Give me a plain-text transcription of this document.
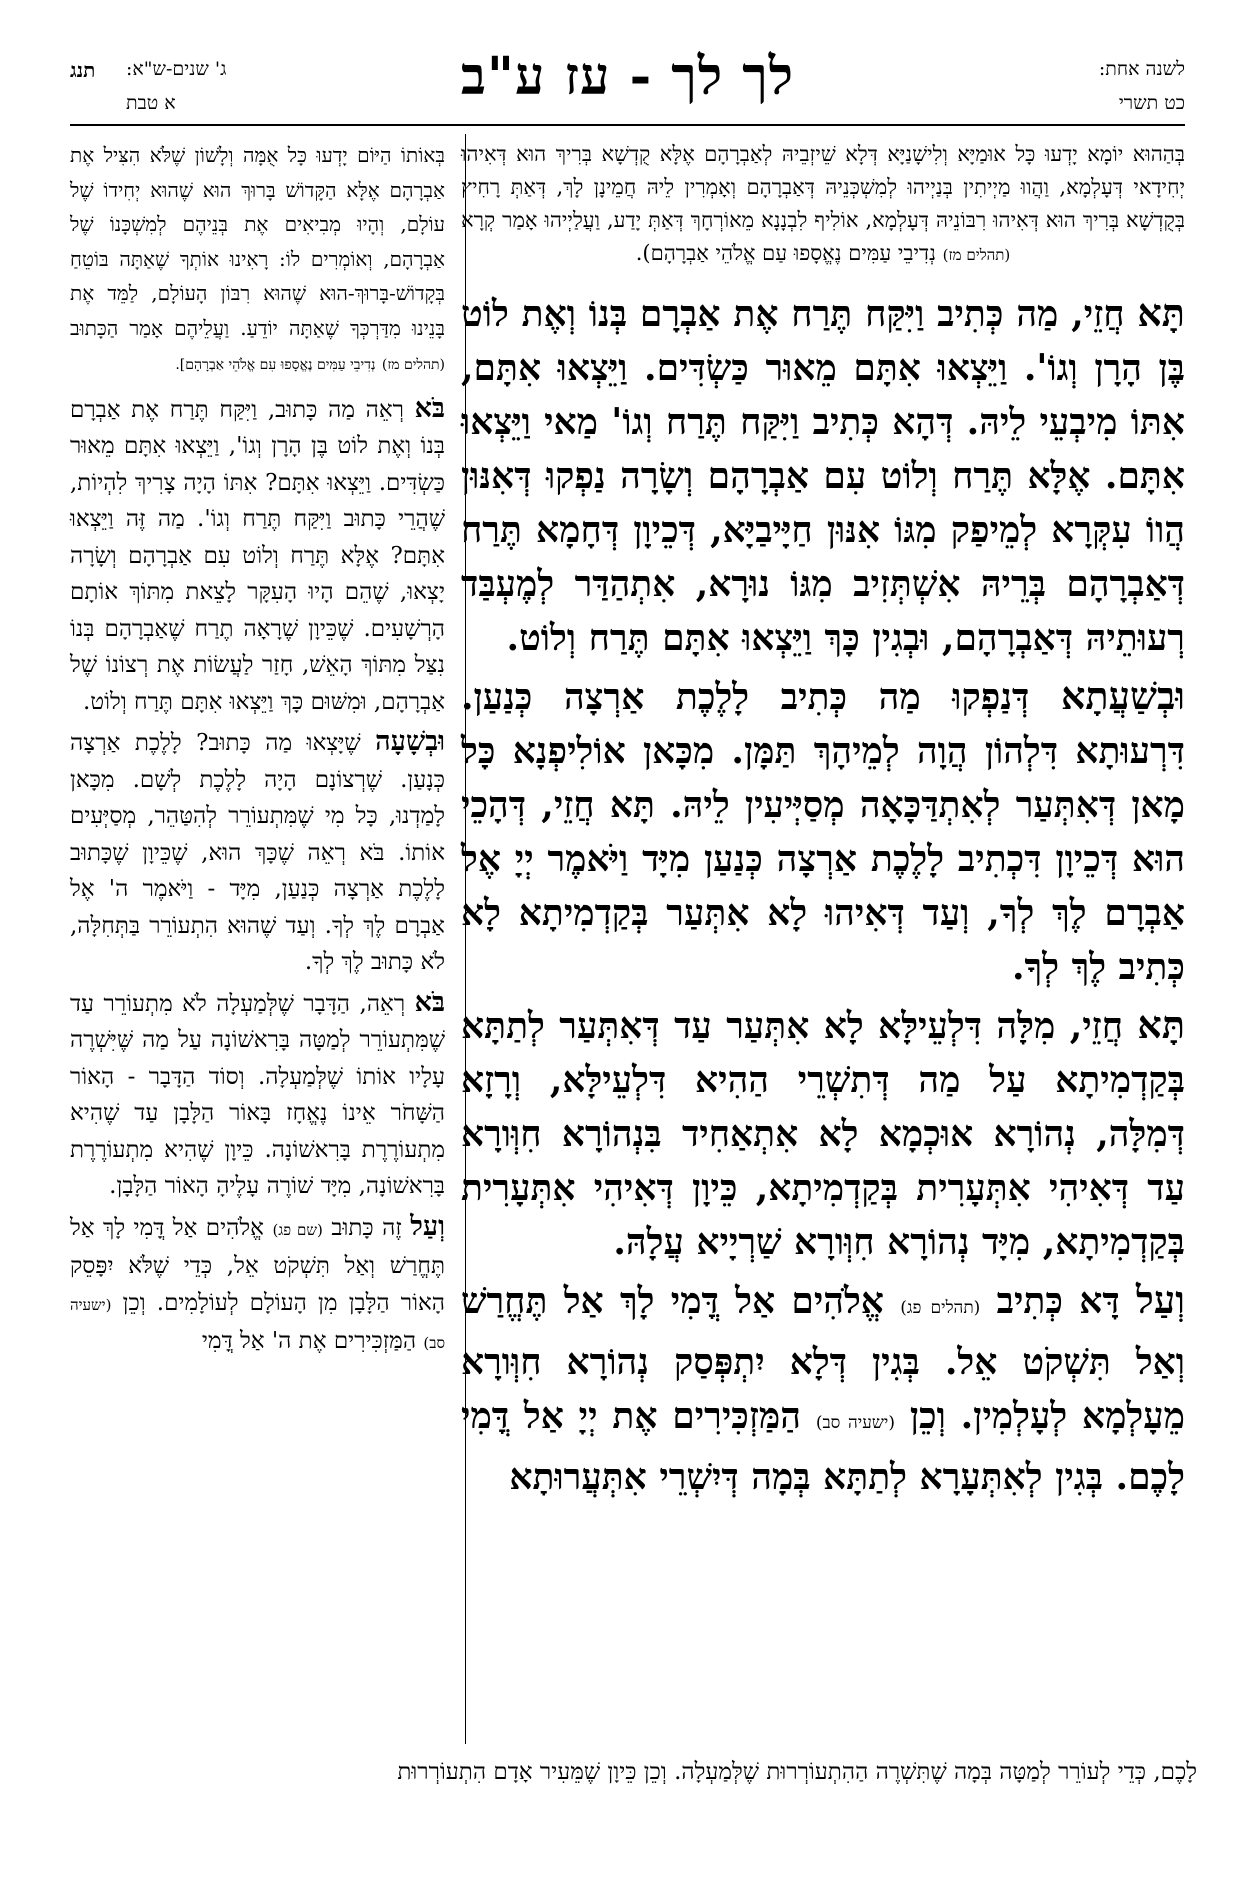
לשנה אחת:
כט תשרי
לך לך - עז ע"ב
ג' שנים-ש"א:
א טבת
תנג

בְּהַהוּא יוֹמָא יָדְעוּ כָּל אוּמַיָּא וְלִישָׁנַיָּא דְּלָא שֵׁיזְבֵיהּ לְאַבְרָהָם אֶלָּא קֻדְשָׁא בְּרִיךְ הוּא דְּאִיהוּ יְחִידָאי דְּעָלְמָא, וַהֲווּ מַיְיתִין בְּנַיְיהוּ לְמִשְׁכְּנֵיהּ דְּאַבְרָהָם וְאָמְרִין לֵיהּ חֲמֵינָן לָךְ, דְּאַתְּ רָחִיץ בְּקֻדְשָׁא בְּרִיךְ הוּא דְּאִיהוּ רִבּוֹנֵיהּ דְּעָלְמָא, אוֹלִיף לִבְנָנָא מֵאוֹרְחָךְ דְּאַתְּ יָדַע, וַעֲלַיְיהוּ אָמַר קְרָא (תהלים מז) נְדִיבֵי עַמִּים נֶאֱסָפוּ עַם אֱלֹהֵי אַבְרָהָם).

תָּא חֲזֵי, מַה כְּתִיב וַיִּקַּח תֶּרַח אֶת אַבְרָם בְּנוֹ וְאֶת לוֹט בֶּן הָרָן וְגוֹ'. וַיֵּצְאוּ אִתָּם מֵאוּר כַּשְׂדִּים. וַיֵּצְאוּ אִתָּם, אִתּוֹ מִיבְעֵי לֵיהּ. דְּהָא כְּתִיב וַיִּקַּח תֶּרַח וְגוֹ' מַאי וַיֵּצְאוּ אִתָּם. אֶלָּא תֶּרַח וְלוֹט עִם אַבְרָהָם וְשָׂרָה נַפְקוּ דְּאִנּוּן הֲווֹ עִקְּרָא לְמֵיפַק מִגּוֹ אִנּוּן חַיָּיבַיָּא, דְּכֵיוָן דְּחָמָא תֶּרַח דְּאַבְרָהָם בְּרֵיהּ אִשְׁתְּזִיב מִגּוֹ נוּרָא, אִתְהַדַּר לְמֶעְבַּד רְעוּתֵיהּ דְּאַבְרָהָם, וּבְגִין כָּךְ וַיֵּצְאוּ אִתָּם תֶּרַח וְלוֹט.

וּבְשַׁעֲתָא דְּנַפְקוּ מַה כְּתִיב לָלֶכֶת אַרְצָה כְּנַעַן. דִּרְעוּתָא דִּלְהוֹן הֲוָה לְמֵיהָךְ תַּמָּן. מִכָּאן אוֹלִיפְנָא כָּל מָאן דְּאִתְּעַר לְאִתְדַּכָּאָה מְסַיְּיעִין לֵיהּ. תָּא חֲזֵי, דְּהָכֵי הוּא דְּכֵיוָן דִּכְתִיב לָלֶכֶת אַרְצָה כְּנַעַן מִיָּד וַיֹּאמֶר יְיָ אֶל אַבְרָם לֶךְ לְךָ, וְעַד דְּאִיהוּ לָא אִתְּעַר בְּקַדְמִיתָא לָא כְּתִיב לֶךְ לְךָ.

תָּא חֲזֵי, מִלָּה דִּלְעֵילָּא לָא אִתְּעַר עַד דְּאִתְּעַר לְתַתָּא בְּקַדְמִיתָא עַל מַה דְּתִשְׁרֵי הַהִיא דִּלְעֵילָּא, וְרָזָא דְּמִלָּה, נְהוֹרָא אוּכְמָא לָא אִתְאַחִיד בִּנְהוֹרָא חִוְּורָא עַד דְּאִיהִי אִתְּעָרִית בְּקַדְמִיתָא, כֵּיוָן דְּאִיהִי אִתְּעָרִית בְּקַדְמִיתָא, מִיָּד נְהוֹרָא חִוְּורָא שַׁרְיָיא עֲלָהּ.

וְעַל דָּא כְּתִיב (תהלים פג) אֱלֹהִים אַל דֳּמִי לָךְ אַל תֶּחֱרַשׁ וְאַל תִּשְׁקֹט אֵל. בְּגִין דְּלָא יִתְפְּסַק נְהוֹרָא חִוְּורָא מֵעָלְמָא לְעָלְמִין. וְכֵן (ישעיה סב) הַמַּזְכִּירִים אֶת יְיָ אַל דֳּמִי לָכֶם. בְּגִין לְאִתְּעָרָא לְתַתָּא בְּמָה דְּיִשְׁרֵי אִתְּעֲרוּתָא

בְּאוֹתוֹ הַיּוֹם יָדְעוּ כָּל אֻמָּה וְלָשׁוֹן שֶׁלֹּא הִצִּיל אֶת אַבְרָהָם אֶלָּא הַקָּדוֹשׁ בָּרוּךְ הוּא שֶׁהוּא יְחִידוֹ שֶׁל עוֹלָם, וְהָיוּ מְבִיאִים אֶת בְּנֵיהֶם לְמִשְׁכָּנוֹ שֶׁל אַבְרָהָם, וְאוֹמְרִים לוֹ: רָאִינוּ אוֹתְךָ שֶׁאַתָּה בּוֹטֵחַ בְּקָדוֹשׁ-בָּרוּךְ-הוּא שֶׁהוּא רִבּוֹן הָעוֹלָם, לַמֵּד אֶת בָּנֵינוּ מִדַּרְכְּךָ שֶׁאַתָּה יוֹדֵעַ. וַעֲלֵיהֶם אָמַר הַכָּתוּב (תהלים מז) נְדִיבֵי עַמִּים נֶאֱסָפוּ עִם אֱלֹהֵי אַבְרָהָם].

בֹּא רְאֵה מַה כָּתוּב, וַיִּקַּח תֶּרַח אֶת אַבְרָם בְּנוֹ וְאֶת לוֹט בֶּן הָרָן וְגוֹ', וַיֵּצְאוּ אִתָּם מֵאוּר כַּשְׂדִּים. וַיֵּצְאוּ אִתָּם? אִתּוֹ הָיָה צָרִיךְ לִהְיוֹת, שֶׁהֲרֵי כָּתוּב וַיִּקַּח תֶּרַח וְגוֹ'. מַה זֶּה וַיֵּצְאוּ אִתָּם? אֶלָּא תֶּרַח וְלוֹט עִם אַבְרָהָם וְשָׂרָה יָצְאוּ, שֶׁהֵם הָיוּ הָעִקָּר לָצֵאת מִתּוֹךְ אוֹתָם הָרְשָׁעִים. שֶׁכֵּיוָן שֶׁרָאָה תֶרַח שֶׁאַבְרָהָם בְּנוֹ נִצַּל מִתּוֹךְ הָאֵשׁ, חָזַר לַעֲשׂוֹת אֶת רְצוֹנוֹ שֶׁל אַבְרָהָם, וּמִשּׁוּם כָּךְ וַיֵּצְאוּ אִתָּם תֶּרַח וְלוֹט.

וּבְשָׁעָה שֶׁיָּצְאוּ מַה כָּתוּב? לָלֶכֶת אַרְצָה כְּנָעַן. שֶׁרְצוֹנָם הָיָה לָלֶכֶת לְשָׁם. מִכָּאן לָמַדְנוּ, כָּל מִי שֶׁמִּתְעוֹרֵר לְהִטַּהֵר, מְסַיְּעִים אוֹתוֹ. בֹּא רְאֵה שֶׁכָּךְ הוּא, שֶׁכֵּיוָן שֶׁכָּתוּב לָלֶכֶת אַרְצָה כְּנַעַן, מִיָּד - וַיֹּאמֶר ה' אֶל אַבְרָם לֶךְ לְךָ. וְעַד שֶׁהוּא הִתְעוֹרֵר בַּתְּחִלָּה, לֹא כָּתוּב לֶךְ לְךָ.

בֹּא רְאֵה, הַדָּבָר שֶׁלְּמַעְלָה לֹא מִתְעוֹרֵר עַד שֶׁמִּתְעוֹרֵר לְמַטָּה בָּרִאשׁוֹנָה עַל מַה שֶּׁיִּשְׁרֶה עָלָיו אוֹתוֹ שֶׁלְּמַעְלָה. וְסוֹד הַדָּבָר - הָאוֹר הַשָּׁחֹר אֵינוֹ נֶאֱחָז בָּאוֹר הַלָּבָן עַד שֶׁהִיא מִתְעוֹרֶרֶת בָּרִאשׁוֹנָה. כֵּיוָן שֶׁהִיא מִתְעוֹרֶרֶת בָּרִאשׁוֹנָה, מִיָּד שׁוֹרֶה עָלֶיהָ הָאוֹר הַלָּבָן.

וְעַל זֶה כָּתוּב (שם פג) אֱלֹהִים אַל דֳּמִי לָךְ אַל תֶּחֱרַשׁ וְאַל תִּשְׁקֹט אֵל, כְּדֵי שֶׁלֹּא יִפָּסֵק הָאוֹר הַלָּבָן מִן הָעוֹלָם לְעוֹלָמִים. וְכֵן (ישעיה סב) הַמַּזְכִּירִים אֶת ה' אַל דֳּמִי

לָכֶם, כְּדֵי לְעוֹרֵר לְמַטָּה בְּמָה שֶׁתִּשְׁרֶה הַהִתְעוֹרְרוּת שֶׁלְּמַעְלָה. וְכֵן כֵּיוָן שֶׁמֵּעִיר אָדָם הִתְעוֹרְרוּת
